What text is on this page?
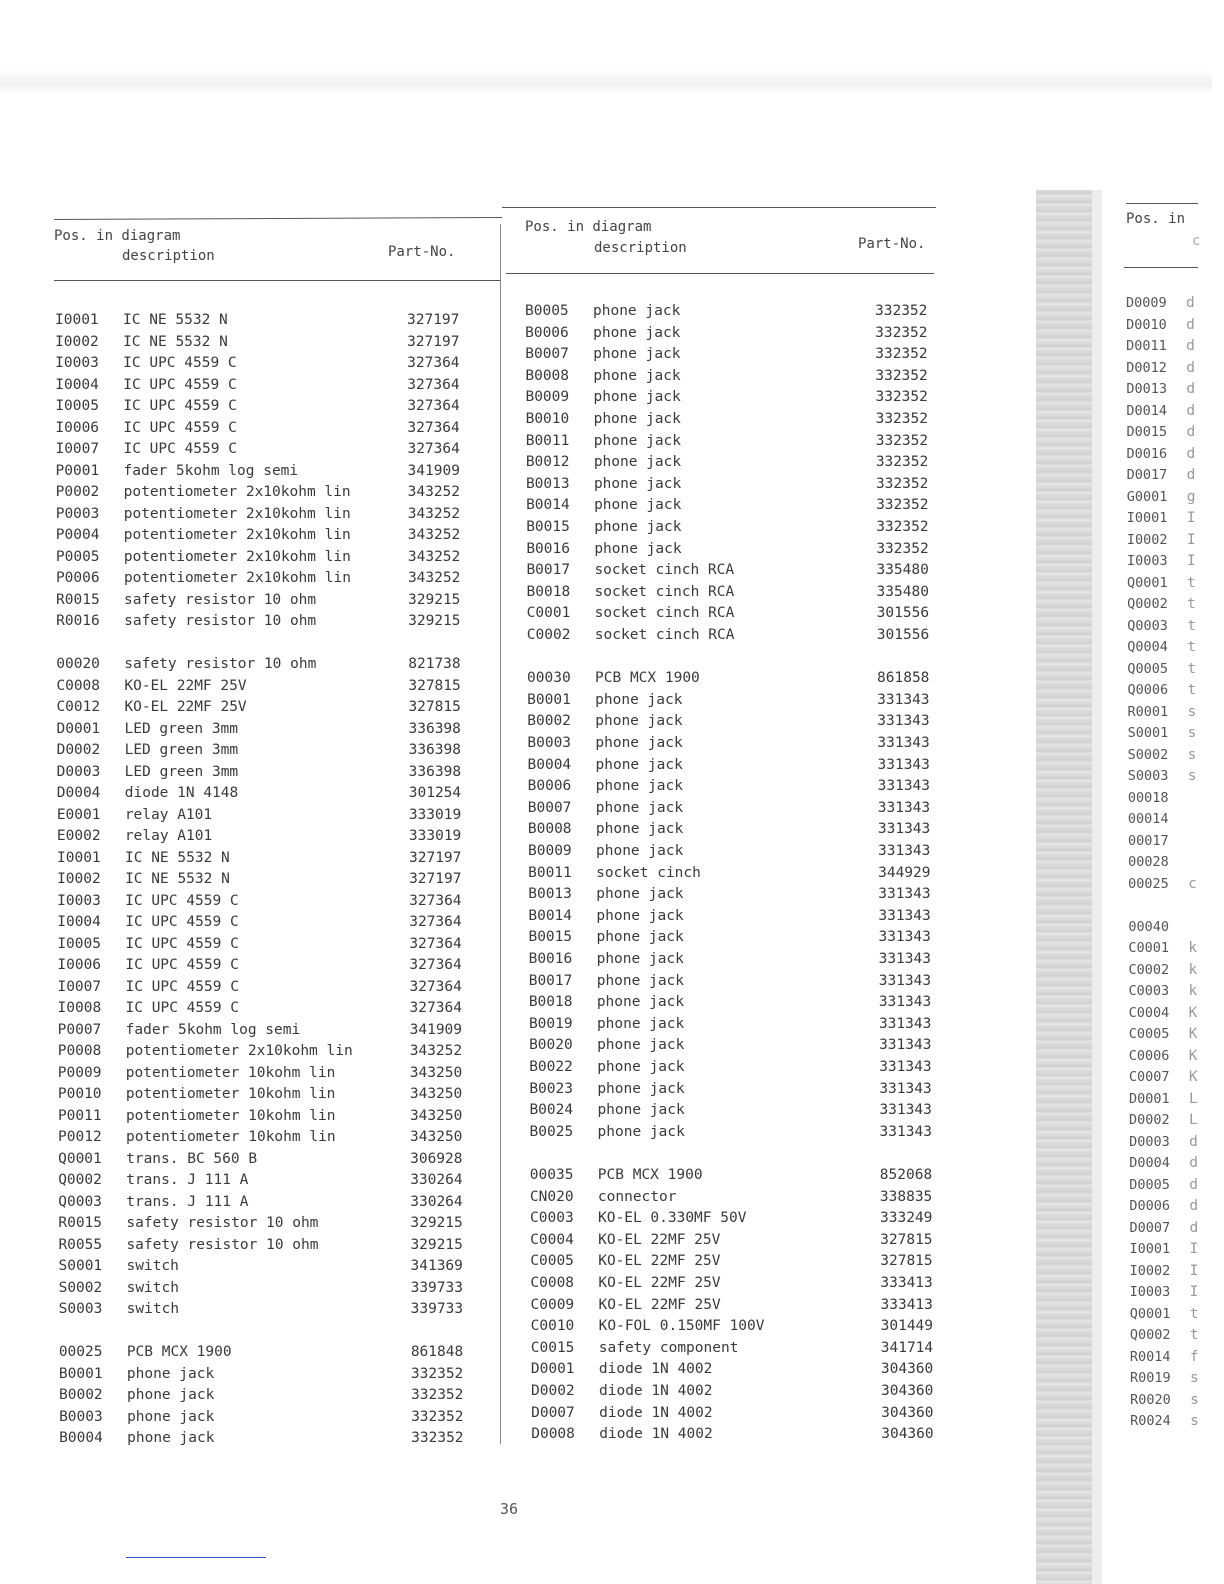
Pos. in diagram
description	Part-No.
Pos. in diagram
description	Part-No.
Pos. in
c
I0001 IC NE 5532 N	327197
I0002 IC NE 5532 N	327197
I0003 IC UPC 4559 C	327364
I0004 IC UPC 4559 C	327364
I0005 IC UPC 4559 C	327364
I0006 IC UPC 4559 C	327364
I0007 IC UPC 4559 C	327364
P0001 fader 5kohm log semi	341909
P0002 potentiometer 2x10kohm lin	343252
P0003 potentiometer 2x10kohm lin	343252
P0004 potentiometer 2x10kohm lin	343252
P0005 potentiometer 2x10kohm lin	343252
P0006 potentiometer 2x10kohm lin	343252
R0015 safety resistor 10 ohm	329215
R0016 safety resistor 10 ohm	329215
00020 safety resistor 10 ohm	821738
C0008 KO-EL 22MF 25V	327815
C0012 KO-EL 22MF 25V	327815
D0001 LED green 3mm	336398
D0002 LED green 3mm	336398
D0003 LED green 3mm	336398
D0004 diode 1N 4148	301254
E0001 relay A101	333019
E0002 relay A101	333019
I0001 IC NE 5532 N	327197
I0002 IC NE 5532 N	327197
I0003 IC UPC 4559 C	327364
I0004 IC UPC 4559 C	327364
I0005 IC UPC 4559 C	327364
I0006 IC UPC 4559 C	327364
I0007 IC UPC 4559 C	327364
I0008 IC UPC 4559 C	327364
P0007 fader 5kohm log semi	341909
P0008 potentiometer 2x10kohm lin	343252
P0009 potentiometer 10kohm lin	343250
P0010 potentiometer 10kohm lin	343250
P0011 potentiometer 10kohm lin	343250
P0012 potentiometer 10kohm lin	343250
Q0001 trans. BC 560 B	306928
Q0002 trans. J 111 A	330264
Q0003 trans. J 111 A	330264
R0015 safety resistor 10 ohm	329215
R0055 safety resistor 10 ohm	329215
S0001 switch	341369
S0002 switch	339733
S0003 switch	339733
00025 PCB MCX 1900	861848
B0001 phone jack	332352
B0002 phone jack	332352
B0003 phone jack	332352
B0004 phone jack	332352
B0005 phone jack	332352
B0006 phone jack	332352
B0007 phone jack	332352
B0008 phone jack	332352
B0009 phone jack	332352
B0010 phone jack	332352
B0011 phone jack	332352
B0012 phone jack	332352
B0013 phone jack	332352
B0014 phone jack	332352
B0015 phone jack	332352
B0016 phone jack	332352
B0017 socket cinch RCA	335480
B0018 socket cinch RCA	335480
C0001 socket cinch RCA	301556
C0002 socket cinch RCA	301556
00030 PCB MCX 1900	861858
B0001 phone jack	331343
B0002 phone jack	331343
B0003 phone jack	331343
B0004 phone jack	331343
B0006 phone jack	331343
B0007 phone jack	331343
B0008 phone jack	331343
B0009 phone jack	331343
B0011 socket cinch	344929
B0013 phone jack	331343
B0014 phone jack	331343
B0015 phone jack	331343
B0016 phone jack	331343
B0017 phone jack	331343
B0018 phone jack	331343
B0019 phone jack	331343
B0020 phone jack	331343
B0022 phone jack	331343
B0023 phone jack	331343
B0024 phone jack	331343
B0025 phone jack	331343
00035 PCB MCX 1900	852068
CN020 connector	338835
C0003 KO-EL 0.330MF 50V	333249
C0004 KO-EL 22MF 25V	327815
C0005 KO-EL 22MF 25V	327815
C0008 KO-EL 22MF 25V	333413
C0009 KO-EL 22MF 25V	333413
C0010 KO-FOL 0.150MF 100V	301449
C0015 safety component	341714
D0001 diode 1N 4002	304360
D0002 diode 1N 4002	304360
D0007 diode 1N 4002	304360
D0008 diode 1N 4002	304360
D0009 d
D0010 d
D0011 d
D0012 d
D0013 d
D0014 d
D0015 d
D0016 d
D0017 d
G0001 g
I0001 I
I0002 I
I0003 I
Q0001 t
Q0002 t
Q0003 t
Q0004 t
Q0005 t
Q0006 t
R0001 s
S0001 s
S0002 s
S0003 s
00018
00014
00017
00028
00025 c
00040
C0001 k
C0002 k
C0003 k
C0004 K
C0005 K
C0006 K
C0007 K
D0001 L
D0002 L
D0003 d
D0004 d
D0005 d
D0006 d
D0007 d
I0001 I
I0002 I
I0003 I
Q0001 t
Q0002 t
R0014 f
R0019 s
R0020 s
R0024 s
36
